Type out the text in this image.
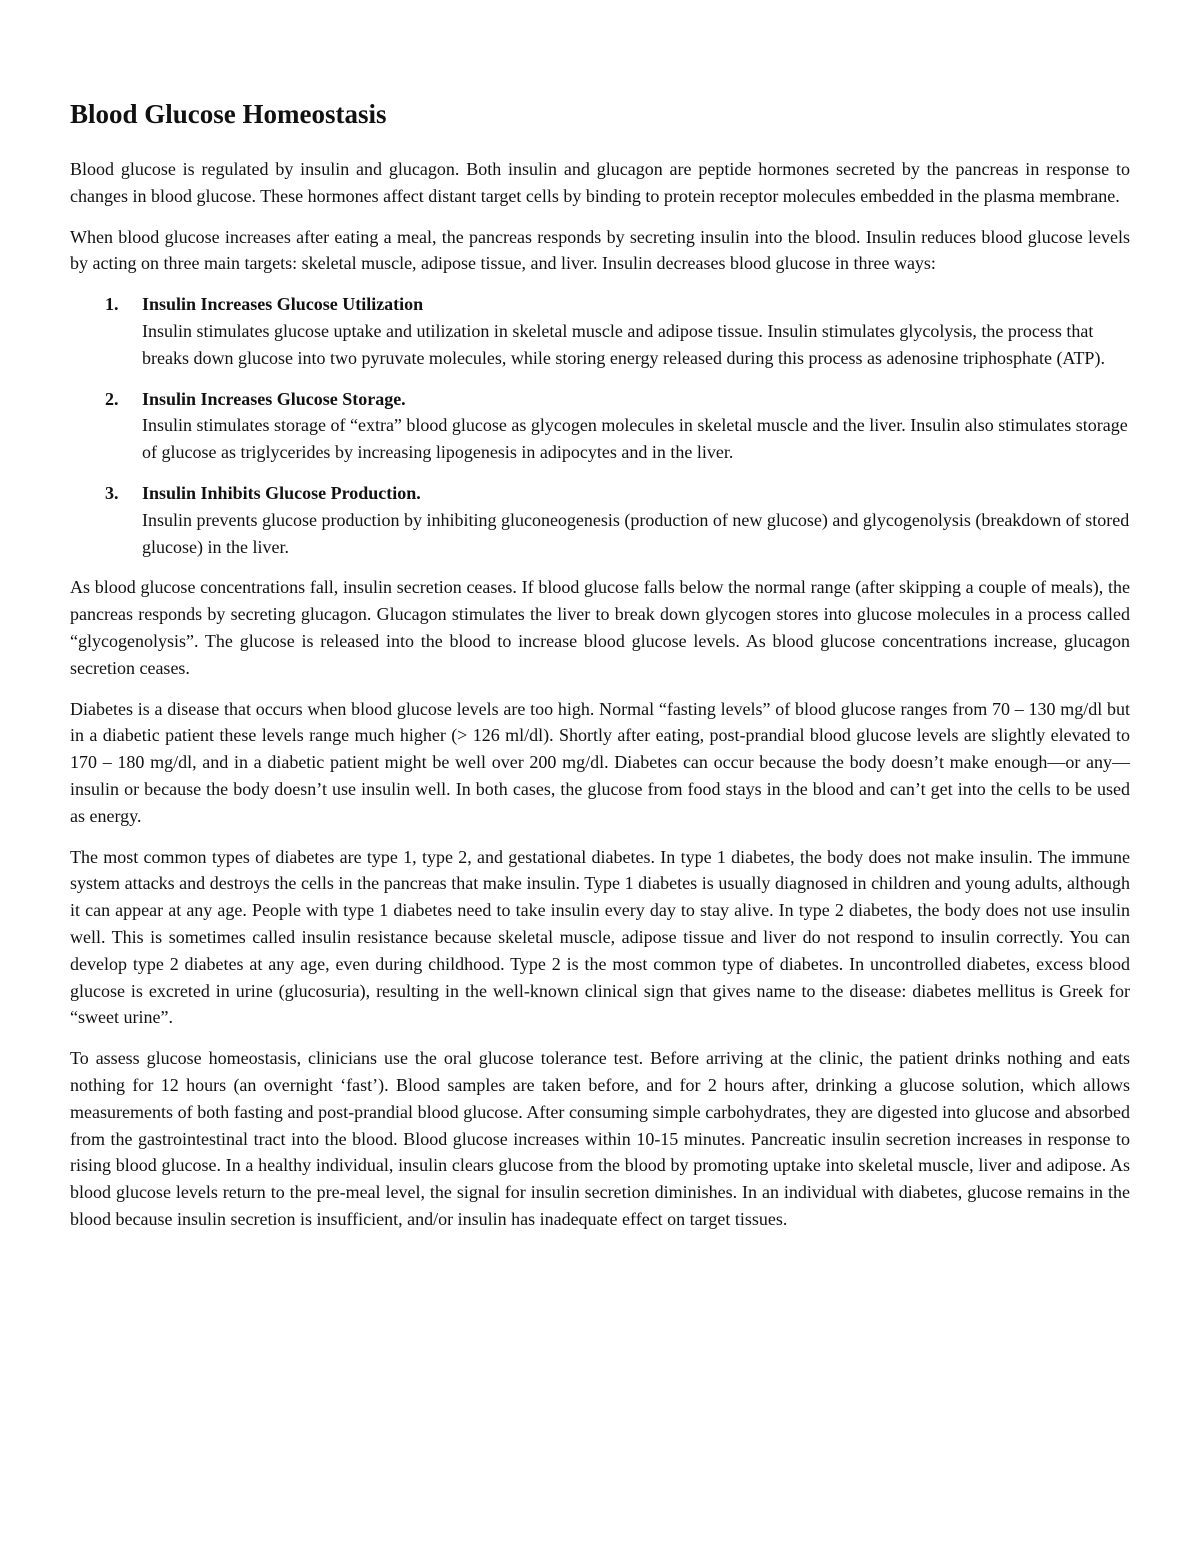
Blood Glucose Homeostasis

Blood glucose is regulated by insulin and glucagon. Both insulin and glucagon are peptide hormones secreted by the pancreas in response to changes in blood glucose. These hormones affect distant target cells by binding to protein receptor molecules embedded in the plasma membrane.

When blood glucose increases after eating a meal, the pancreas responds by secreting insulin into the blood. Insulin reduces blood glucose levels by acting on three main targets: skeletal muscle, adipose tissue, and liver. Insulin decreases blood glucose in three ways:

1. Insulin Increases Glucose Utilization
Insulin stimulates glucose uptake and utilization in skeletal muscle and adipose tissue. Insulin stimulates glycolysis, the process that breaks down glucose into two pyruvate molecules, while storing energy released during this process as adenosine triphosphate (ATP).
2. Insulin Increases Glucose Storage.
Insulin stimulates storage of “extra” blood glucose as glycogen molecules in skeletal muscle and the liver. Insulin also stimulates storage of glucose as triglycerides by increasing lipogenesis in adipocytes and in the liver.
3. Insulin Inhibits Glucose Production.
Insulin prevents glucose production by inhibiting gluconeogenesis (production of new glucose) and glycogenolysis (breakdown of stored glucose) in the liver.

As blood glucose concentrations fall, insulin secretion ceases. If blood glucose falls below the normal range (after skipping a couple of meals), the pancreas responds by secreting glucagon. Glucagon stimulates the liver to break down glycogen stores into glucose molecules in a process called “glycogenolysis”. The glucose is released into the blood to increase blood glucose levels. As blood glucose concentrations increase, glucagon secretion ceases.

Diabetes is a disease that occurs when blood glucose levels are too high. Normal “fasting levels” of blood glucose ranges from 70 – 130 mg/dl but in a diabetic patient these levels range much higher (> 126 ml/dl). Shortly after eating, post-prandial blood glucose levels are slightly elevated to 170 – 180 mg/dl, and in a diabetic patient might be well over 200 mg/dl. Diabetes can occur because the body doesn’t make enough—or any—insulin or because the body doesn’t use insulin well. In both cases, the glucose from food stays in the blood and can’t get into the cells to be used as energy.

The most common types of diabetes are type 1, type 2, and gestational diabetes. In type 1 diabetes, the body does not make insulin. The immune system attacks and destroys the cells in the pancreas that make insulin. Type 1 diabetes is usually diagnosed in children and young adults, although it can appear at any age. People with type 1 diabetes need to take insulin every day to stay alive. In type 2 diabetes, the body does not use insulin well. This is sometimes called insulin resistance because skeletal muscle, adipose tissue and liver do not respond to insulin correctly. You can develop type 2 diabetes at any age, even during childhood. Type 2 is the most common type of diabetes. In uncontrolled diabetes, excess blood glucose is excreted in urine (glucosuria), resulting in the well-known clinical sign that gives name to the disease: diabetes mellitus is Greek for “sweet urine”.

To assess glucose homeostasis, clinicians use the oral glucose tolerance test. Before arriving at the clinic, the patient drinks nothing and eats nothing for 12 hours (an overnight ‘fast’). Blood samples are taken before, and for 2 hours after, drinking a glucose solution, which allows measurements of both fasting and post-prandial blood glucose. After consuming simple carbohydrates, they are digested into glucose and absorbed from the gastrointestinal tract into the blood. Blood glucose increases within 10-15 minutes. Pancreatic insulin secretion increases in response to rising blood glucose. In a healthy individual, insulin clears glucose from the blood by promoting uptake into skeletal muscle, liver and adipose. As blood glucose levels return to the pre-meal level, the signal for insulin secretion diminishes. In an individual with diabetes, glucose remains in the blood because insulin secretion is insufficient, and/or insulin has inadequate effect on target tissues.
